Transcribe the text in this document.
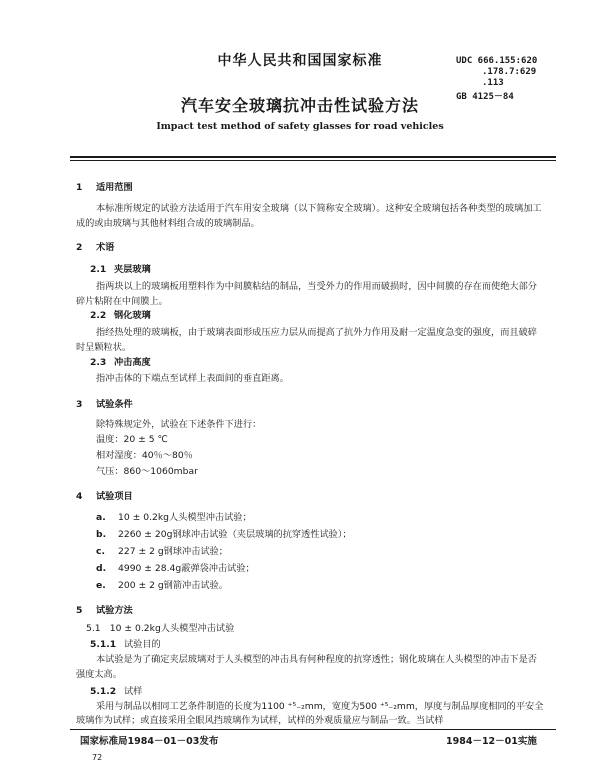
中华人民共和国国家标准	UDC 666.155:620
.178.7:629
.113
GB 4125－84
汽车安全玻璃抗冲击性试验方法
Impact test method of safety glasses for road vehicles
1 适用范围
本标准所规定的试验方法适用于汽车用安全玻璃（以下简称安全玻璃）。这种安全玻璃包括各种类型的玻璃加工成的或由玻璃与其他材料组合成的玻璃制品。
2 术语
2.1 夹层玻璃
指两块以上的玻璃板用塑料作为中间膜粘结的制品，当受外力的作用而破损时，因中间膜的存在而使绝大部分碎片粘附在中间膜上。
2.2 钢化玻璃
指经热处理的玻璃板，由于玻璃表面形成压应力层从而提高了抗外力作用及耐一定温度急变的强度，而且破碎时呈颗粒状。
2.3 冲击高度
指冲击体的下端点至试样上表面间的垂直距离。
3 试验条件
除特殊规定外，试验在下述条件下进行：
温度：20 ± 5 ℃
相对湿度：40％～80％
气压：860～1060mbar
4 试验项目
a. 10 ± 0.2kg人头模型冲击试验；
b. 2260 ± 20g钢球冲击试验（夹层玻璃的抗穿透性试验）；
c. 227 ± 2 g钢球冲击试验；
d. 4990 ± 28.4g霰弹袋冲击试验；
e. 200 ± 2 g钢箭冲击试验。
5 试验方法
5.1　10 ± 0.2kg人头模型冲击试验
5.1.1 试验目的
本试验是为了确定夹层玻璃对于人头模型的冲击具有何种程度的抗穿透性；钢化玻璃在人头模型的冲击下是否强度太高。
5.1.2 试样
采用与制品以相同工艺条件制造的长度为1100 ⁺⁵₋₂mm，宽度为500 ⁺⁵₋₂mm，厚度与制品厚度相同的平安全玻璃作为试样；或直接采用全眼风挡玻璃作为试样，试样的外观质量应与制品一致。当试样
国家标准局1984－01－03发布	1984－12－01实施
72
